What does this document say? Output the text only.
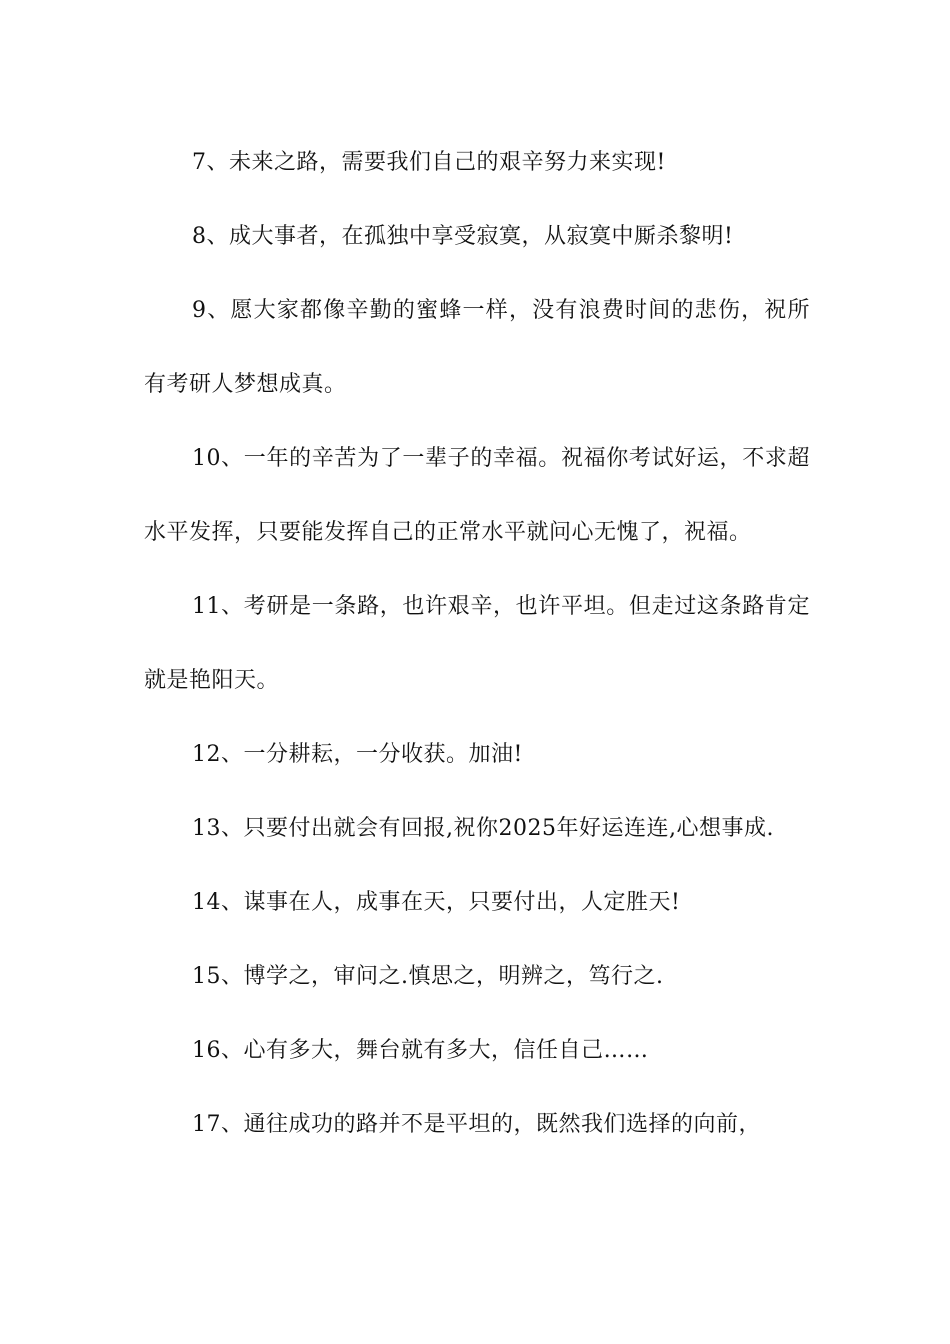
7、未来之路，需要我们自己的艰辛努力来实现!

8、成大事者，在孤独中享受寂寞，从寂寞中厮杀黎明!

9、愿大家都像辛勤的蜜蜂一样，没有浪费时间的悲伤，祝所有考研人梦想成真。

10、一年的辛苦为了一辈子的幸福。祝福你考试好运，不求超水平发挥，只要能发挥自己的正常水平就问心无愧了，祝福。

11、考研是一条路，也许艰辛，也许平坦。但走过这条路肯定就是艳阳天。

12、一分耕耘，一分收获。加油!

13、只要付出就会有回报,祝你2025年好运连连,心想事成.

14、谋事在人，成事在天，只要付出，人定胜天!

15、博学之，审问之.慎思之，明辨之，笃行之.

16、心有多大，舞台就有多大，信任自己……

17、通往成功的路并不是平坦的，既然我们选择的向前，
